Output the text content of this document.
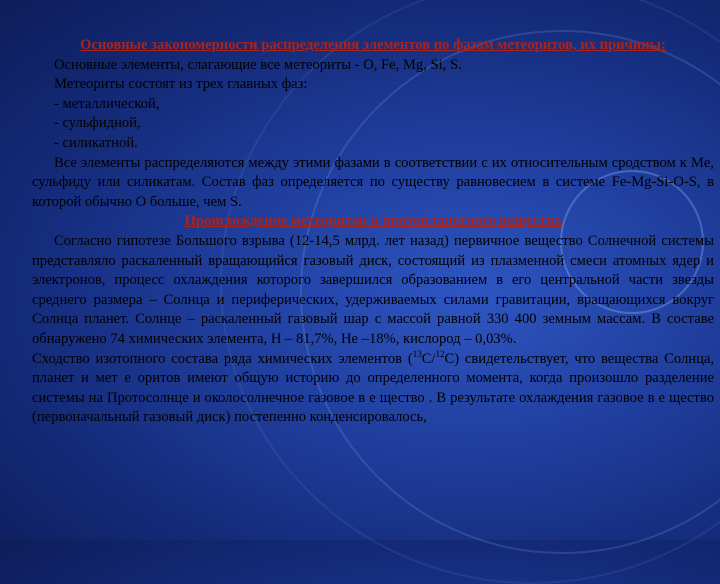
Основные закономерности распределения элементов по фазам метеоритов, их причины:

Основные элементы, слагающие все метеориты - O, Fe, Mg, Si, S.

Метеориты состоят из трех главных фаз:

- металлической,

- сульфидной,

- силикатной.

Все элементы распределяются между этими фазами в соответствии с их относительным сродством к Me, сульфиду или силикатам. Состав фаз определяется по существу равновесием в системе Fe-Mg-Si-O-S, в которой обычно O больше, чем S.

Происхождение метеоритов и протопланетного вещества

Согласно гипотезе Большого взрыва (12-14,5 млрд. лет назад) первичное вещество Солнечной системы представляло раскаленный вращающийся газовый диск, состоящий из плазменной смеси атомных ядер и электронов, процесс охлаждения которого завершился образованием в его центральной части звезды среднего размера – Солнца и периферических, удерживаемых силами гравитации, вращающихся вокруг Солнца планет. Солнце – раскаленный газовый шар с массой равной 330 400 земным массам. В составе обнаружено 74 химических элемента, H – 81,7%, He –18%, кислород – 0,03%.

Сходство изотопного состава ряда химических элементов ($^{13}$C/$^{12}$C) свидетельствует, что вещества Солнца, планет и мет е оритов имеют общую историю до определенного момента, когда произошло разделение системы на Протосолнце и околосолнечное газовое в е щество . В результате охлаждения газовое в е щество (первоначальный газовый диск) постепенно конденсировалось,
